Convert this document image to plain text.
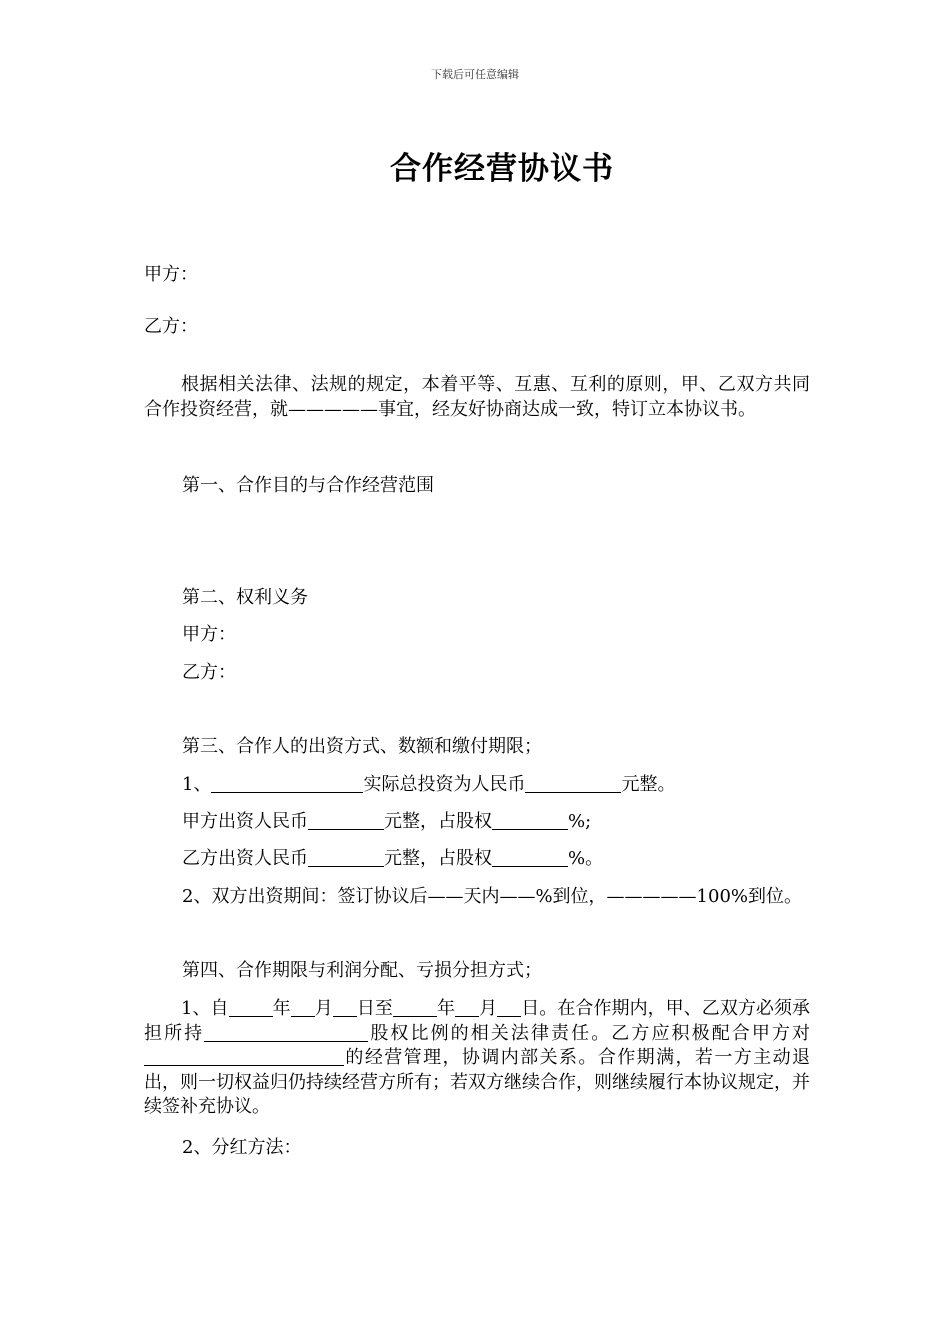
下载后可任意编辑
合作经营协议书
甲方：
乙方：
根据相关法律、法规的规定，本着平等、互惠、互利的原则，甲、乙双方共同合作投资经营，就—————事宜，经友好协商达成一致，特订立本协议书。
第一、合作目的与合作经营范围
第二、权利义务
甲方：
乙方：
第三、合作人的出资方式、数额和缴付期限；
1、	实际总投资为人民币	元整。
甲方出资人民币	元整，占股权	%;
乙方出资人民币	元整，占股权	%。
2、双方出资期间：签订协议后——天内——%到位，—————100%到位。
第四、合作期限与利润分配、亏损分担方式；
1、自 年 月 日至 年 月 日。在合作期内，甲、乙双方必须承担所持	股权比例的相关法律责任。乙方应积极配合甲方对的经营管理，协调内部关系。合作期满，若一方主动退出，则一切权益归仍持续经营方所有；若双方继续合作，则继续履行本协议规定，并续签补充协议。
2、分红方法：
